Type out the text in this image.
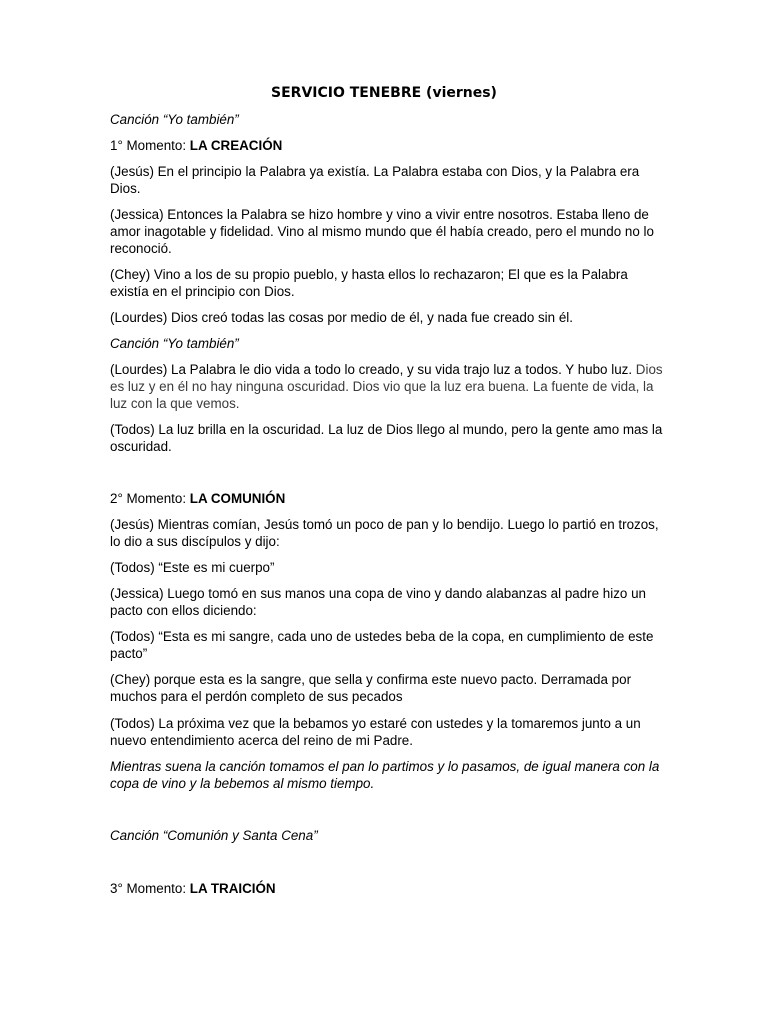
SERVICIO TENEBRE (viernes)

Canción “Yo también”

1° Momento: LA CREACIÓN

(Jesús) En el principio la Palabra ya existía. La Palabra estaba con Dios, y la Palabra era Dios.

(Jessica) Entonces la Palabra se hizo hombre y vino a vivir entre nosotros. Estaba lleno de amor inagotable y fidelidad. Vino al mismo mundo que él había creado, pero el mundo no lo reconoció.

(Chey) Vino a los de su propio pueblo, y hasta ellos lo rechazaron; El que es la Palabra existía en el principio con Dios.

(Lourdes) Dios creó todas las cosas por medio de él, y nada fue creado sin él.

Canción “Yo también”

(Lourdes) La Palabra le dio vida a todo lo creado, y su vida trajo luz a todos. Y hubo luz. Dios es luz y en él no hay ninguna oscuridad. Dios vio que la luz era buena. La fuente de vida, la luz con la que vemos.

(Todos) La luz brilla en la oscuridad. La luz de Dios llego al mundo, pero la gente amo mas la oscuridad.

2° Momento: LA COMUNIÓN

(Jesús) Mientras comían, Jesús tomó un poco de pan y lo bendijo. Luego lo partió en trozos, lo dio a sus discípulos y dijo:

(Todos) “Este es mi cuerpo”

(Jessica) Luego tomó en sus manos una copa de vino y dando alabanzas al padre hizo un pacto con ellos diciendo:

(Todos) “Esta es mi sangre, cada uno de ustedes beba de la copa, en cumplimiento de este pacto”

(Chey) porque esta es la sangre, que sella y confirma este nuevo pacto. Derramada por muchos para el perdón completo de sus pecados

(Todos) La próxima vez que la bebamos yo estaré con ustedes y la tomaremos junto a un nuevo entendimiento acerca del reino de mi Padre.

Mientras suena la canción tomamos el pan lo partimos y lo pasamos, de igual manera con la copa de vino y la bebemos al mismo tiempo.

Canción “Comunión y Santa Cena”

3° Momento: LA TRAICIÓN
